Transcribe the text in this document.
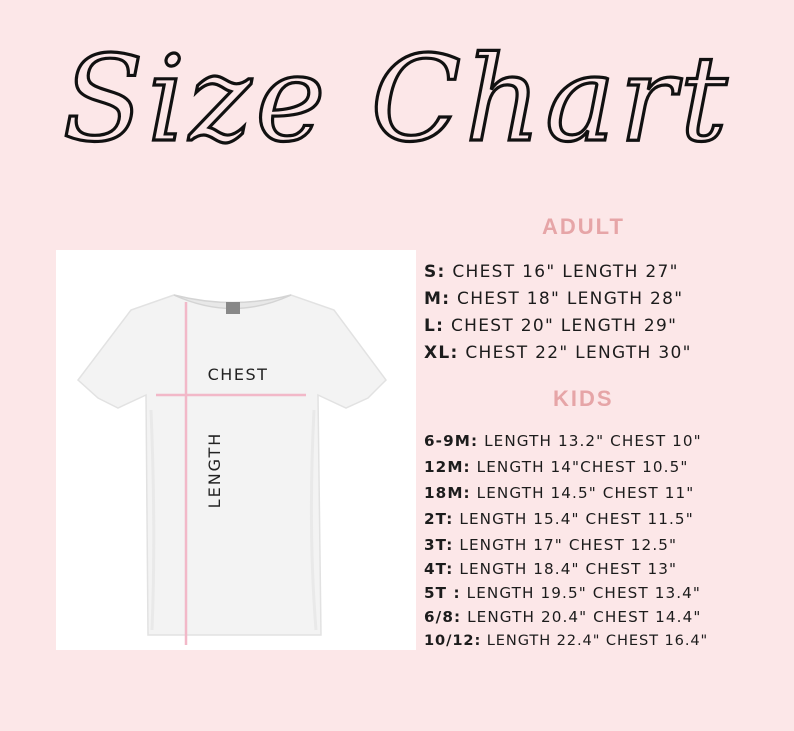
Size Chart
CHEST
LENGTH
ADULT
S: CHEST 16" LENGTH 27"
M: CHEST 18" LENGTH 28"
L: CHEST 20" LENGTH 29"
XL: CHEST 22" LENGTH 30"
KIDS
6-9M: LENGTH 13.2" CHEST 10"
12M: LENGTH 14"CHEST 10.5"
18M: LENGTH 14.5" CHEST 11"
2T: LENGTH 15.4" CHEST 11.5"
3T: LENGTH 17" CHEST 12.5"
4T: LENGTH 18.4" CHEST 13"
5T : LENGTH 19.5" CHEST 13.4"
6/8: LENGTH 20.4" CHEST 14.4"
10/12: LENGTH 22.4" CHEST 16.4"
